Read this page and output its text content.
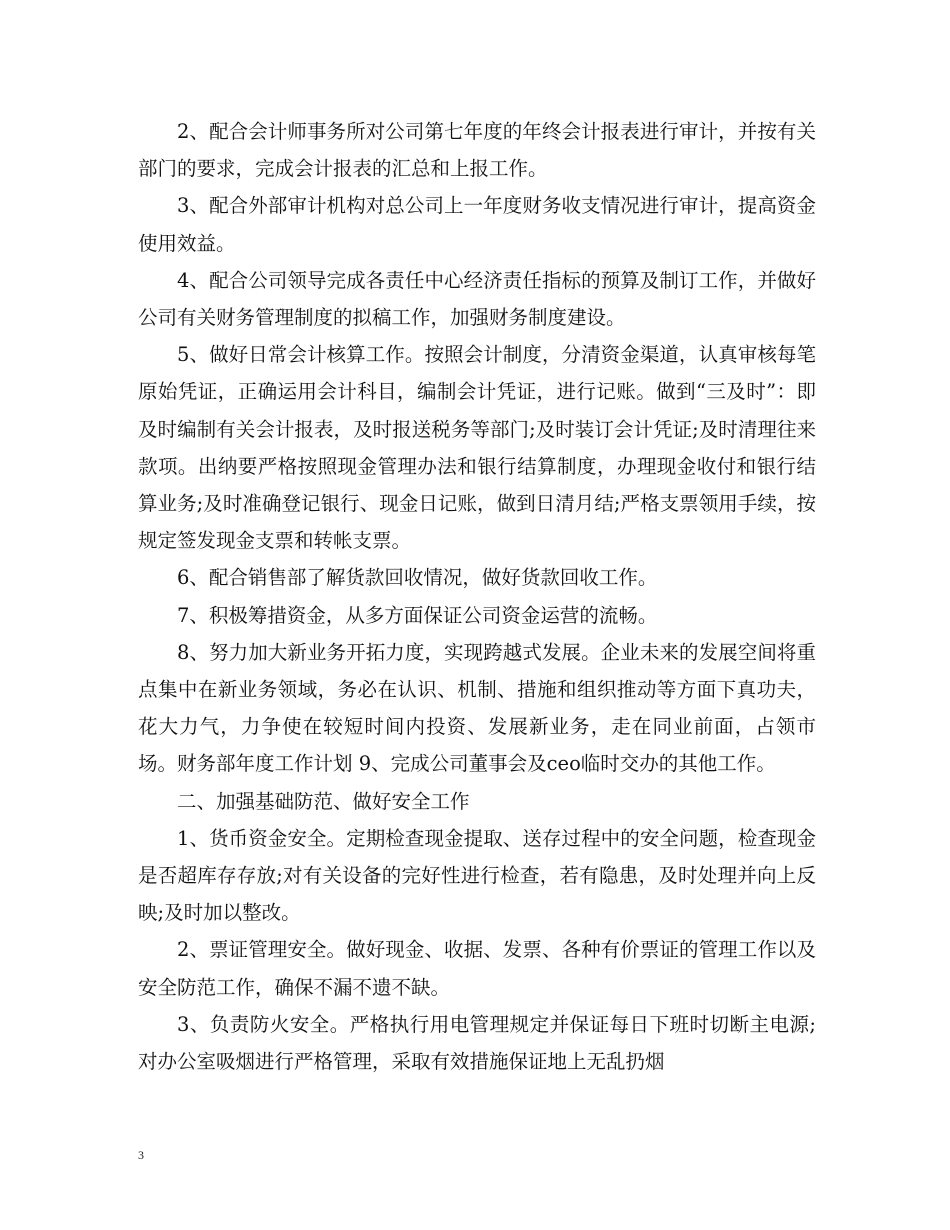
2、配合会计师事务所对公司第七年度的年终会计报表进行审计，并按有关部门的要求，完成会计报表的汇总和上报工作。

3、配合外部审计机构对总公司上一年度财务收支情况进行审计，提高资金使用效益。

4、配合公司领导完成各责任中心经济责任指标的预算及制订工作，并做好公司有关财务管理制度的拟稿工作，加强财务制度建设。

5、做好日常会计核算工作。按照会计制度，分清资金渠道，认真审核每笔原始凭证，正确运用会计科目，编制会计凭证，进行记账。做到“三及时”：即及时编制有关会计报表，及时报送税务等部门;及时装订会计凭证;及时清理往来款项。出纳要严格按照现金管理办法和银行结算制度，办理现金收付和银行结算业务;及时准确登记银行、现金日记账，做到日清月结;严格支票领用手续，按规定签发现金支票和转帐支票。

6、配合销售部了解货款回收情况，做好货款回收工作。

7、积极筹措资金，从多方面保证公司资金运营的流畅。

8、努力加大新业务开拓力度，实现跨越式发展。企业未来的发展空间将重点集中在新业务领域，务必在认识、机制、措施和组织推动等方面下真功夫，花大力气，力争使在较短时间内投资、发展新业务，走在同业前面，占领市场。财务部年度工作计划 9、完成公司董事会及ceo临时交办的其他工作。

二、加强基础防范、做好安全工作

1、货币资金安全。定期检查现金提取、送存过程中的安全问题，检查现金是否超库存存放;对有关设备的完好性进行检查，若有隐患，及时处理并向上反映;及时加以整改。

2、票证管理安全。做好现金、收据、发票、各种有价票证的管理工作以及安全防范工作，确保不漏不遗不缺。

3、负责防火安全。严格执行用电管理规定并保证每日下班时切断主电源;对办公室吸烟进行严格管理，采取有效措施保证地上无乱扔烟

3
